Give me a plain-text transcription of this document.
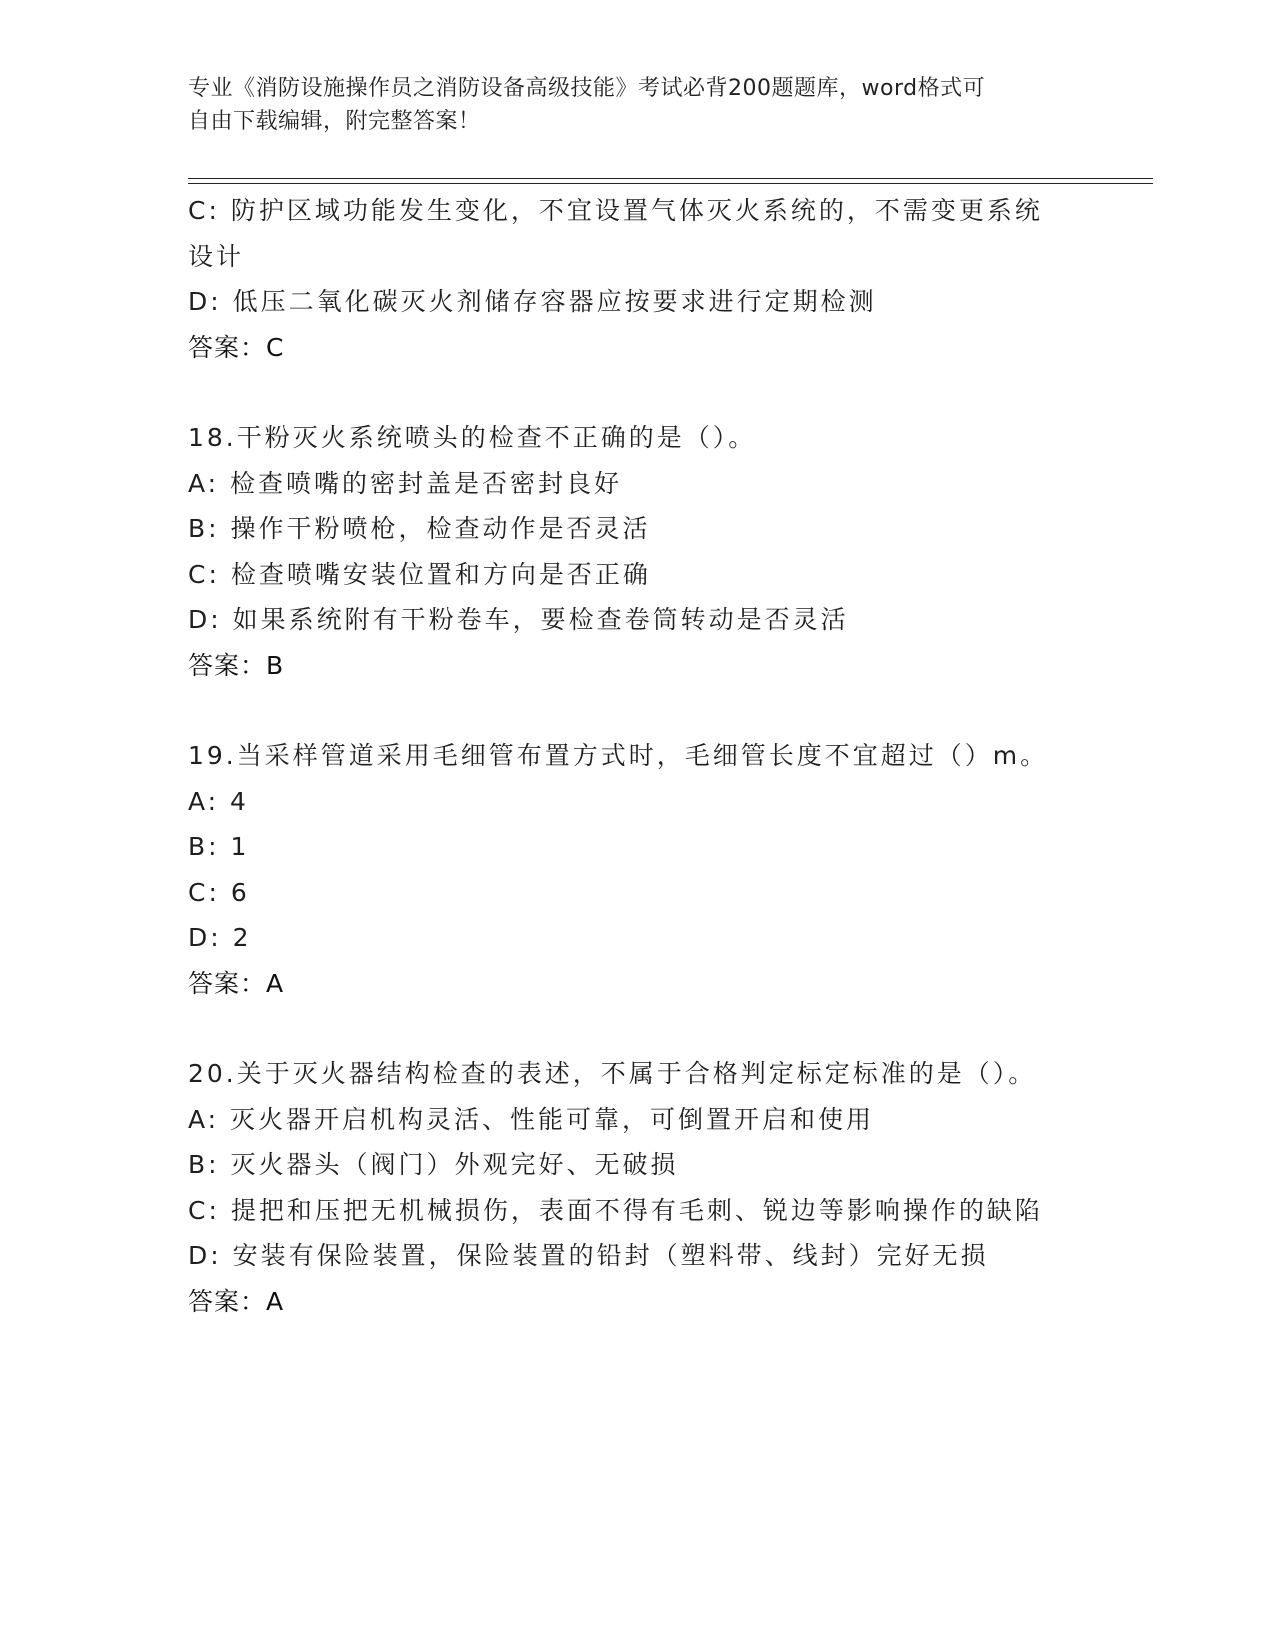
专业《消防设施操作员之消防设备高级技能》考试必背200题题库，word格式可
自由下载编辑，附完整答案！
C: 防护区域功能发生变化，不宜设置气体灭火系统的，不需变更系统
设计
D: 低压二氧化碳灭火剂储存容器应按要求进行定期检测
答案：C
18.干粉灭火系统喷头的检查不正确的是（）。
A: 检查喷嘴的密封盖是否密封良好
B: 操作干粉喷枪，检查动作是否灵活
C: 检查喷嘴安装位置和方向是否正确
D: 如果系统附有干粉卷车，要检查卷筒转动是否灵活
答案：B
19.当采样管道采用毛细管布置方式时，毛细管长度不宜超过（）m。
A: 4
B: 1
C: 6
D: 2
答案：A
20.关于灭火器结构检查的表述，不属于合格判定标定标准的是（）。
A: 灭火器开启机构灵活、性能可靠，可倒置开启和使用
B: 灭火器头（阀门）外观完好、无破损
C: 提把和压把无机械损伤，表面不得有毛刺、锐边等影响操作的缺陷
D: 安装有保险装置，保险装置的铅封（塑料带、线封）完好无损
答案：A
